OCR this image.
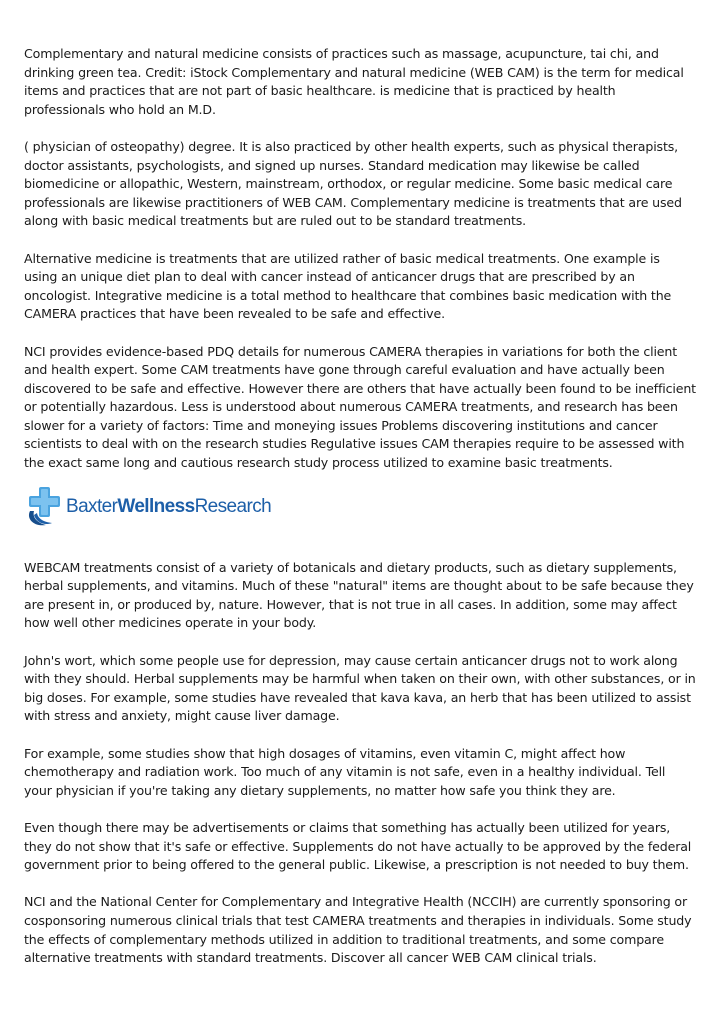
Complementary and natural medicine consists of practices such as massage, acupuncture, tai chi, and drinking green tea. Credit: iStock Complementary and natural medicine (WEB CAM) is the term for medical items and practices that are not part of basic healthcare. is medicine that is practiced by health professionals who hold an M.D.

( physician of osteopathy) degree. It is also practiced by other health experts, such as physical therapists, doctor assistants, psychologists, and signed up nurses. Standard medication may likewise be called biomedicine or allopathic, Western, mainstream, orthodox, or regular medicine. Some basic medical care professionals are likewise practitioners of WEB CAM. Complementary medicine is treatments that are used along with basic medical treatments but are ruled out to be standard treatments.

Alternative medicine is treatments that are utilized rather of basic medical treatments. One example is using an unique diet plan to deal with cancer instead of anticancer drugs that are prescribed by an oncologist. Integrative medicine is a total method to healthcare that combines basic medication with the CAMERA practices that have been revealed to be safe and effective.

NCI provides evidence-based PDQ details for numerous CAMERA therapies in variations for both the client and health expert. Some CAM treatments have gone through careful evaluation and have actually been discovered to be safe and effective. However there are others that have actually been found to be inefficient or potentially hazardous. Less is understood about numerous CAMERA treatments, and research has been slower for a variety of factors: Time and moneying issues Problems discovering institutions and cancer scientists to deal with on the research studies Regulative issues CAM therapies require to be assessed with the exact same long and cautious research study process utilized to examine basic treatments.

BaxterWellnessResearch

WEBCAM treatments consist of a variety of botanicals and dietary products, such as dietary supplements, herbal supplements, and vitamins. Much of these "natural" items are thought about to be safe because they are present in, or produced by, nature. However, that is not true in all cases. In addition, some may affect how well other medicines operate in your body.

John's wort, which some people use for depression, may cause certain anticancer drugs not to work along with they should. Herbal supplements may be harmful when taken on their own, with other substances, or in big doses. For example, some studies have revealed that kava kava, an herb that has been utilized to assist with stress and anxiety, might cause liver damage.

For example, some studies show that high dosages of vitamins, even vitamin C, might affect how chemotherapy and radiation work. Too much of any vitamin is not safe, even in a healthy individual. Tell your physician if you're taking any dietary supplements, no matter how safe you think they are.

Even though there may be advertisements or claims that something has actually been utilized for years, they do not show that it's safe or effective. Supplements do not have actually to be approved by the federal government prior to being offered to the general public. Likewise, a prescription is not needed to buy them.

NCI and the National Center for Complementary and Integrative Health (NCCIH) are currently sponsoring or cosponsoring numerous clinical trials that test CAMERA treatments and therapies in individuals. Some study the effects of complementary methods utilized in addition to traditional treatments, and some compare alternative treatments with standard treatments. Discover all cancer WEB CAM clinical trials.
